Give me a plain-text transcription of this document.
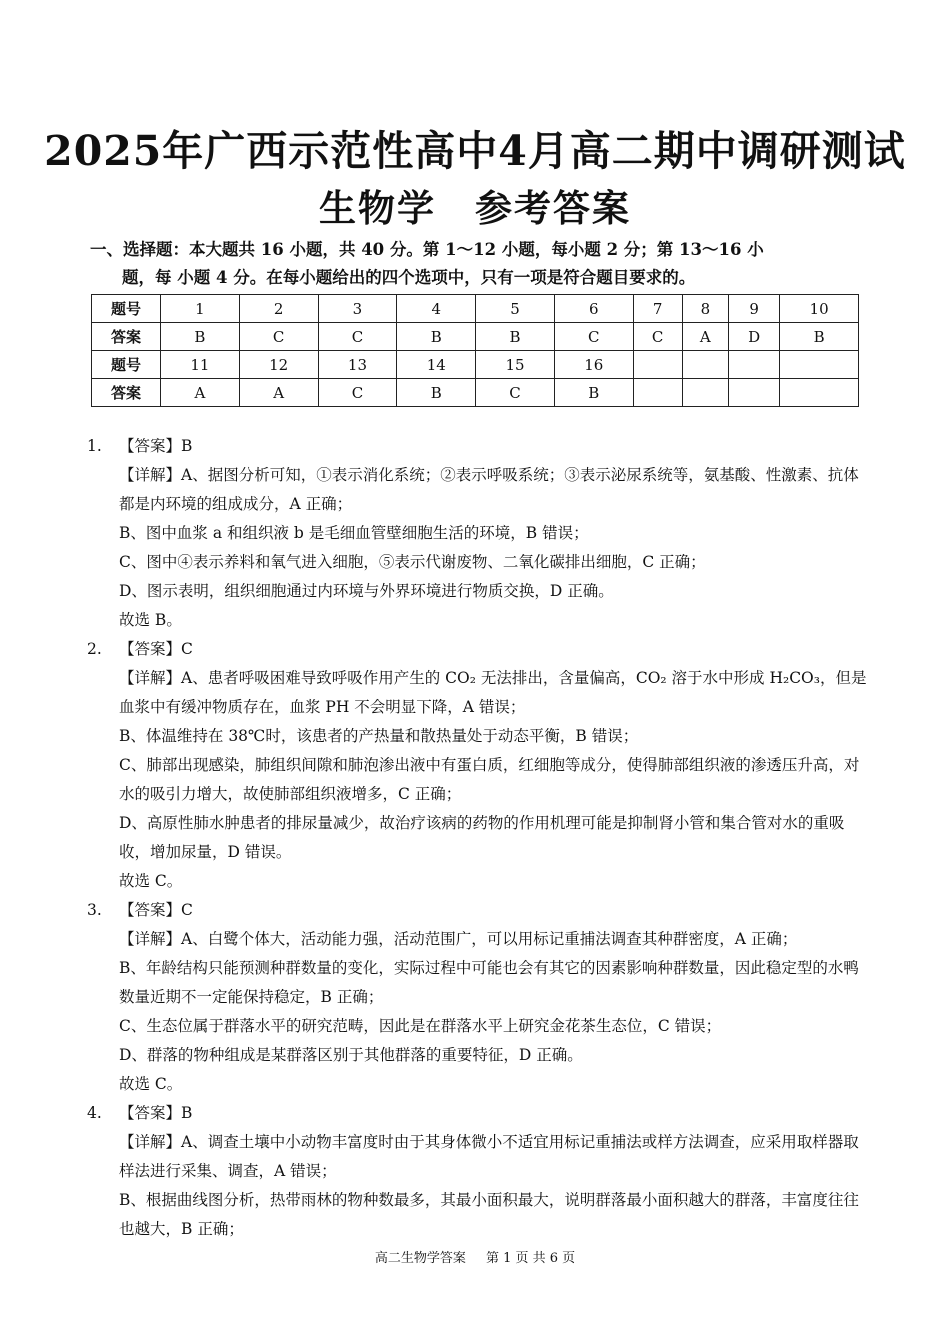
2025年广西示范性高中4月高二期中调研测试
生物学　参考答案
一、选择题：本大题共 16 小题，共 40 分。第 1～12 小题，每小题 2 分；第 13～16 小
题，每 小题 4 分。在每小题给出的四个选项中，只有一项是符合题目要求的。
题号	1	2	3	4	5	6	7	8	9	10
答案	B	C	C	B	B	C	C	A	D	B
题号	11	12	13	14	15	16				
答案	A	A	C	B	C	B				
1.	【答案】B
【详解】A、据图分析可知，①表示消化系统；②表示呼吸系统；③表示泌尿系统等，氨基酸、性激素、抗体都是内环境的组成成分，A 正确；
B、图中血浆 a 和组织液 b 是毛细血管壁细胞生活的环境，B 错误；
C、图中④表示养料和氧气进入细胞，⑤表示代谢废物、二氧化碳排出细胞，C 正确；
D、图示表明，组织细胞通过内环境与外界环境进行物质交换，D 正确。
故选 B。
2.	【答案】C
【详解】A、患者呼吸困难导致呼吸作用产生的 CO₂ 无法排出，含量偏高，CO₂ 溶于水中形成 H₂CO₃，但是血浆中有缓冲物质存在，血浆 PH 不会明显下降，A 错误；
B、体温维持在 38℃时，该患者的产热量和散热量处于动态平衡，B 错误；
C、肺部出现感染，肺组织间隙和肺泡渗出液中有蛋白质，红细胞等成分，使得肺部组织液的渗透压升高，对水的吸引力增大，故使肺部组织液增多，C 正确；
D、高原性肺水肿患者的排尿量减少，故治疗该病的药物的作用机理可能是抑制肾小管和集合管对水的重吸收，增加尿量，D 错误。
故选 C。
3.	【答案】C
【详解】A、白鹭个体大，活动能力强，活动范围广，可以用标记重捕法调查其种群密度，A 正确；
B、年龄结构只能预测种群数量的变化，实际过程中可能也会有其它的因素影响种群数量，因此稳定型的水鸭数量近期不一定能保持稳定，B 正确；
C、生态位属于群落水平的研究范畴，因此是在群落水平上研究金花茶生态位，C 错误；
D、群落的物种组成是某群落区别于其他群落的重要特征，D 正确。
故选 C。
4.	【答案】B
【详解】A、调查土壤中小动物丰富度时由于其身体微小不适宜用标记重捕法或样方法调查，应采用取样器取样法进行采集、调查，A 错误；
B、根据曲线图分析，热带雨林的物种数最多，其最小面积最大，说明群落最小面积越大的群落，丰富度往往也越大，B 正确；
高二生物学答案 第 1 页 共 6 页
